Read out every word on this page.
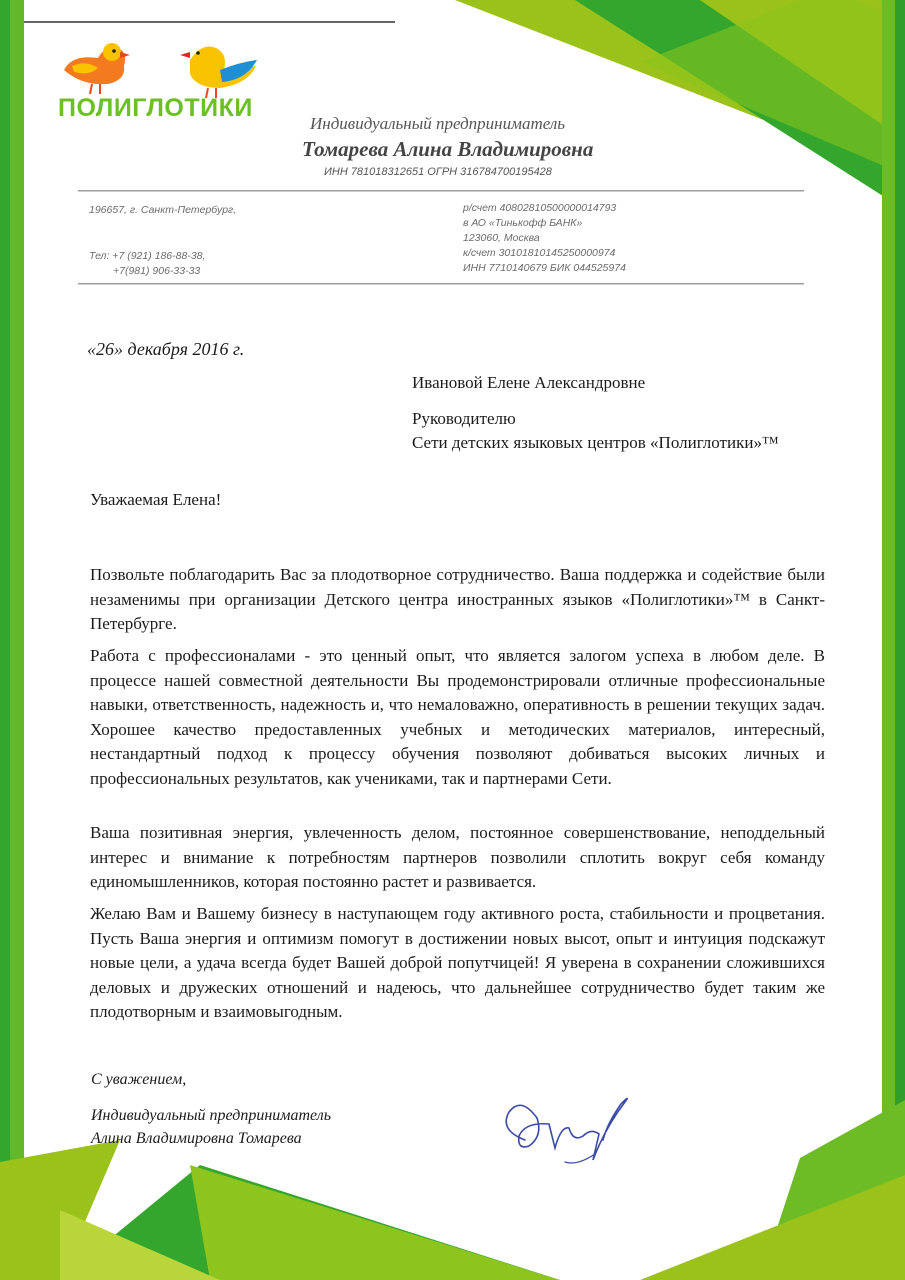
ПОЛИГЛОТИКИ
Индивидуальный предприниматель
Томарева Алина Владимировна
ИНН 781018312651 ОГРН 316784700195428
196657, г. Санкт-Петербург,
Тел: +7 (921) 186-88-38,
+7(981) 906-33-33
р/счет 40802810500000014793
в АО «Тинькофф БАНК»
123060, Москва
к/счет 30101810145250000974
ИНН 7710140679 БИК 044525974
«26» декабря 2016 г.
Ивановой Елене Александровне
Руководителю
Сети детских языковых центров «Полиглотики»™
Уважаемая Елена!

Позвольте поблагодарить Вас за плодотворное сотрудничество. Ваша поддержка и содействие были незаменимы при организации Детского центра иностранных языков «Полиглотики»™ в Санкт-Петербурге.

Работа с профессионалами - это ценный опыт, что является залогом успеха в любом деле. В процессе нашей совместной деятельности Вы продемонстрировали отличные профессиональные навыки, ответственность, надежность и, что немаловажно, оперативность в решении текущих задач. Хорошее качество предоставленных учебных и методических материалов, интересный, нестандартный подход к процессу обучения позволяют добиваться высоких личных и профессиональных результатов, как учениками, так и партнерами Сети.

Ваша позитивная энергия, увлеченность делом, постоянное совершенствование, неподдельный интерес и внимание к потребностям партнеров позволили сплотить вокруг себя команду единомышленников, которая постоянно растет и развивается.

Желаю Вам и Вашему бизнесу в наступающем году активного роста, стабильности и процветания. Пусть Ваша энергия и оптимизм помогут в достижении новых высот, опыт и интуиция подскажут новые цели, а удача всегда будет Вашей доброй попутчицей! Я уверена в сохранении сложившихся деловых и дружеских отношений и надеюсь, что дальнейшее сотрудничество будет таким же плодотворным и взаимовыгодным.

С уважением,
Индивидуальный предприниматель
Алина Владимировна Томарева
